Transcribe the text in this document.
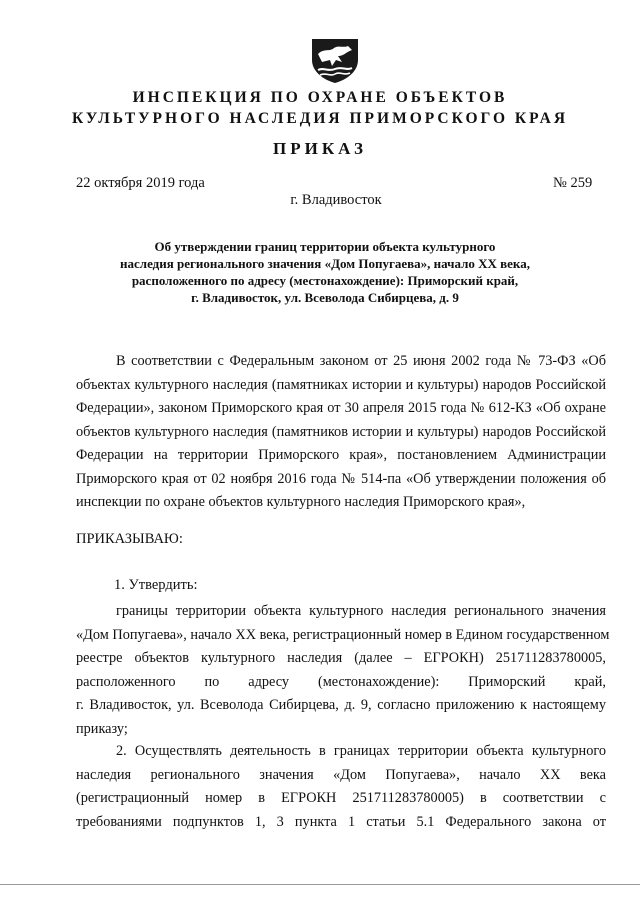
ИНСПЕКЦИЯ ПО ОХРАНЕ ОБЪЕКТОВ
КУЛЬТУРНОГО НАСЛЕДИЯ ПРИМОРСКОГО КРАЯ
ПРИКАЗ
22 октября 2019 года	№ 259
г. Владивосток
Об утверждении границ территории объекта культурного
наследия регионального значения «Дом Попугаева», начало XX века,
расположенного по адресу (местонахождение): Приморский край,
г. Владивосток, ул. Всеволода Сибирцева, д. 9
В соответствии с Федеральным законом от 25 июня 2002 года № 73-ФЗ «Об
объектах культурного наследия (памятниках истории и культуры) народов Российской
Федерации», законом Приморского края от 30 апреля 2015 года № 612-КЗ «Об охране
объектов культурного наследия (памятников истории и культуры) народов Российской
Федерации на территории Приморского края», постановлением Администрации
Приморского края от 02 ноября 2016 года № 514-па «Об утверждении положения об
инспекции по охране объектов культурного наследия Приморского края»,
ПРИКАЗЫВАЮ:
1. Утвердить:
границы территории объекта культурного наследия регионального значения
«Дом Попугаева», начало XX века, регистрационный номер в Едином государственном
реестре объектов культурного наследия (далее – ЕГРОКН) 251711283780005,
расположенного по адресу (местонахождение): Приморский край,
г. Владивосток, ул. Всеволода Сибирцева, д. 9, согласно приложению к настоящему
приказу;
2. Осуществлять деятельность в границах территории объекта культурного
наследия регионального значения «Дом Попугаева», начало XX века
(регистрационный номер в ЕГРОКН 251711283780005) в соответствии с
требованиями подпунктов 1, 3 пункта 1 статьи 5.1 Федерального закона от
